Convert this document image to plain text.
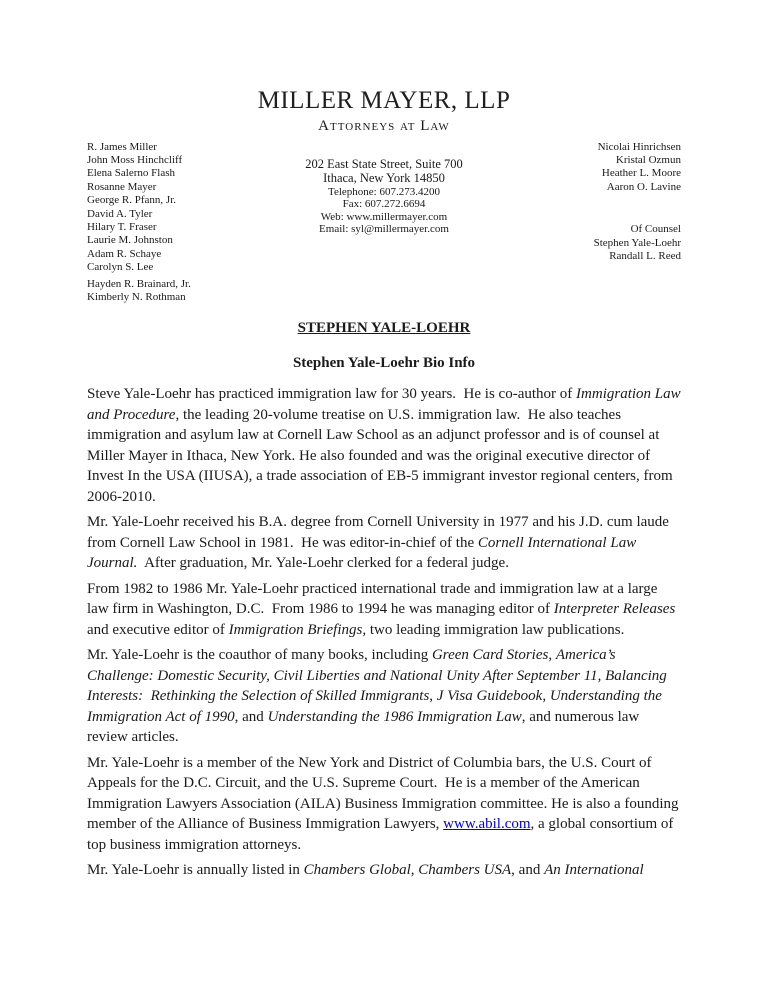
MILLER MAYER, LLP
Attorneys at Law
R. James Miller
John Moss Hinchcliff
Elena Salerno Flash
Rosanne Mayer
George R. Pfann, Jr.
David A. Tyler
Hilary T. Fraser
Laurie M. Johnston
Adam R. Schaye
Carolyn S. Lee
Hayden R. Brainard, Jr.
Kimberly N. Rothman
202 East State Street, Suite 700
Ithaca, New York 14850
Telephone: 607.273.4200
Fax: 607.272.6694
Web: www.millermayer.com
Email: syl@millermayer.com
Nicolai Hinrichsen
Kristal Ozmun
Heather L. Moore
Aaron O. Lavine
Of Counsel
Stephen Yale-Loehr
Randall L. Reed
STEPHEN YALE-LOEHR
Stephen Yale-Loehr Bio Info

Steve Yale-Loehr has practiced immigration law for 30 years.  He is co-author of Immigration Law and Procedure, the leading 20-volume treatise on U.S. immigration law.  He also teaches immigration and asylum law at Cornell Law School as an adjunct professor and is of counsel at Miller Mayer in Ithaca, New York. He also founded and was the original executive director of Invest In the USA (IIUSA), a trade association of EB-5 immigrant investor regional centers, from 2006-2010.

Mr. Yale-Loehr received his B.A. degree from Cornell University in 1977 and his J.D. cum laude from Cornell Law School in 1981.  He was editor-in-chief of the Cornell International Law Journal.  After graduation, Mr. Yale-Loehr clerked for a federal judge.

From 1982 to 1986 Mr. Yale-Loehr practiced international trade and immigration law at a large law firm in Washington, D.C.  From 1986 to 1994 he was managing editor of Interpreter Releases and executive editor of Immigration Briefings, two leading immigration law publications.

Mr. Yale-Loehr is the coauthor of many books, including Green Card Stories, America’s Challenge: Domestic Security, Civil Liberties and National Unity After September 11, Balancing Interests:  Rethinking the Selection of Skilled Immigrants, J Visa Guidebook, Understanding the Immigration Act of 1990, and Understanding the 1986 Immigration Law, and numerous law review articles.

Mr. Yale-Loehr is a member of the New York and District of Columbia bars, the U.S. Court of Appeals for the D.C. Circuit, and the U.S. Supreme Court.  He is a member of the American Immigration Lawyers Association (AILA) Business Immigration committee. He is also a founding member of the Alliance of Business Immigration Lawyers, www.abil.com, a global consortium of top business immigration attorneys.

Mr. Yale-Loehr is annually listed in Chambers Global, Chambers USA, and An International
